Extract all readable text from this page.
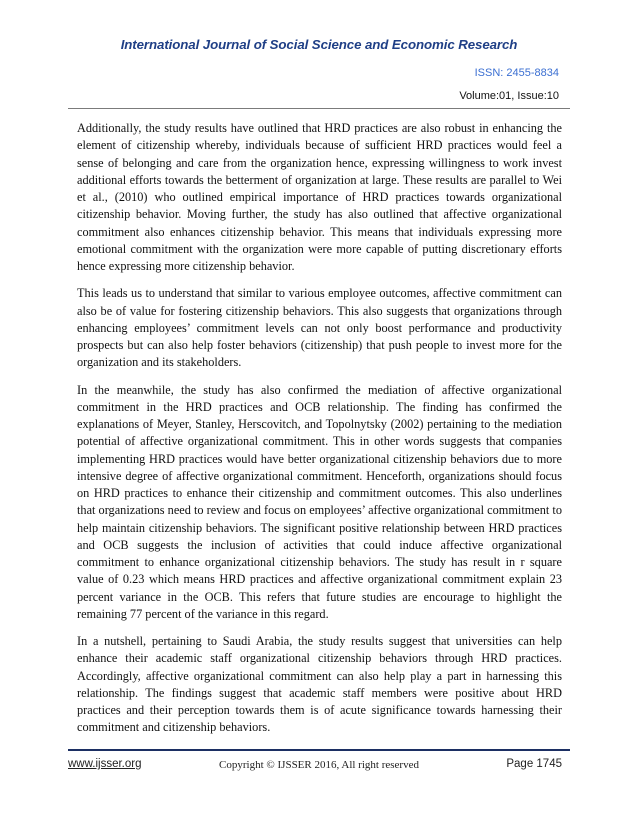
International Journal of Social Science and Economic Research
ISSN: 2455-8834
Volume:01, Issue:10

Additionally, the study results have outlined that HRD practices are also robust in enhancing the element of citizenship whereby, individuals because of sufficient HRD practices would feel a sense of belonging and care from the organization hence, expressing willingness to work invest additional efforts towards the betterment of organization at large. These results are parallel to Wei et al., (2010) who outlined empirical importance of HRD practices towards organizational citizenship behavior. Moving further, the study has also outlined that affective organizational commitment also enhances citizenship behavior. This means that individuals expressing more emotional commitment with the organization were more capable of putting discretionary efforts hence expressing more citizenship behavior.

This leads us to understand that similar to various employee outcomes, affective commitment can also be of value for fostering citizenship behaviors. This also suggests that organizations through enhancing employees’ commitment levels can not only boost performance and productivity prospects but can also help foster behaviors (citizenship) that push people to invest more for the organization and its stakeholders.

In the meanwhile, the study has also confirmed the mediation of affective organizational commitment in the HRD practices and OCB relationship. The finding has confirmed the explanations of Meyer, Stanley, Herscovitch, and Topolnytsky (2002) pertaining to the mediation potential of affective organizational commitment. This in other words suggests that companies implementing HRD practices would have better organizational citizenship behaviors due to more intensive degree of affective organizational commitment. Henceforth, organizations should focus on HRD practices to enhance their citizenship and commitment outcomes. This also underlines that organizations need to review and focus on employees’ affective organizational commitment to help maintain citizenship behaviors. The significant positive relationship between HRD practices and OCB suggests the inclusion of activities that could induce affective organizational commitment to enhance organizational citizenship behaviors. The study has result in r square value of 0.23 which means HRD practices and affective organizational commitment explain 23 percent variance in the OCB. This refers that future studies are encourage to highlight the remaining 77 percent of the variance in this regard.

In a nutshell, pertaining to Saudi Arabia, the study results suggest that universities can help enhance their academic staff organizational citizenship behaviors through HRD practices. Accordingly, affective organizational commitment can also help play a part in harnessing this relationship. The findings suggest that academic staff members were positive about HRD practices and their perception towards them is of acute significance towards harnessing their commitment and citizenship behaviors.

www.ijsser.org	Copyright © IJSSER 2016, All right reserved	Page 1745
